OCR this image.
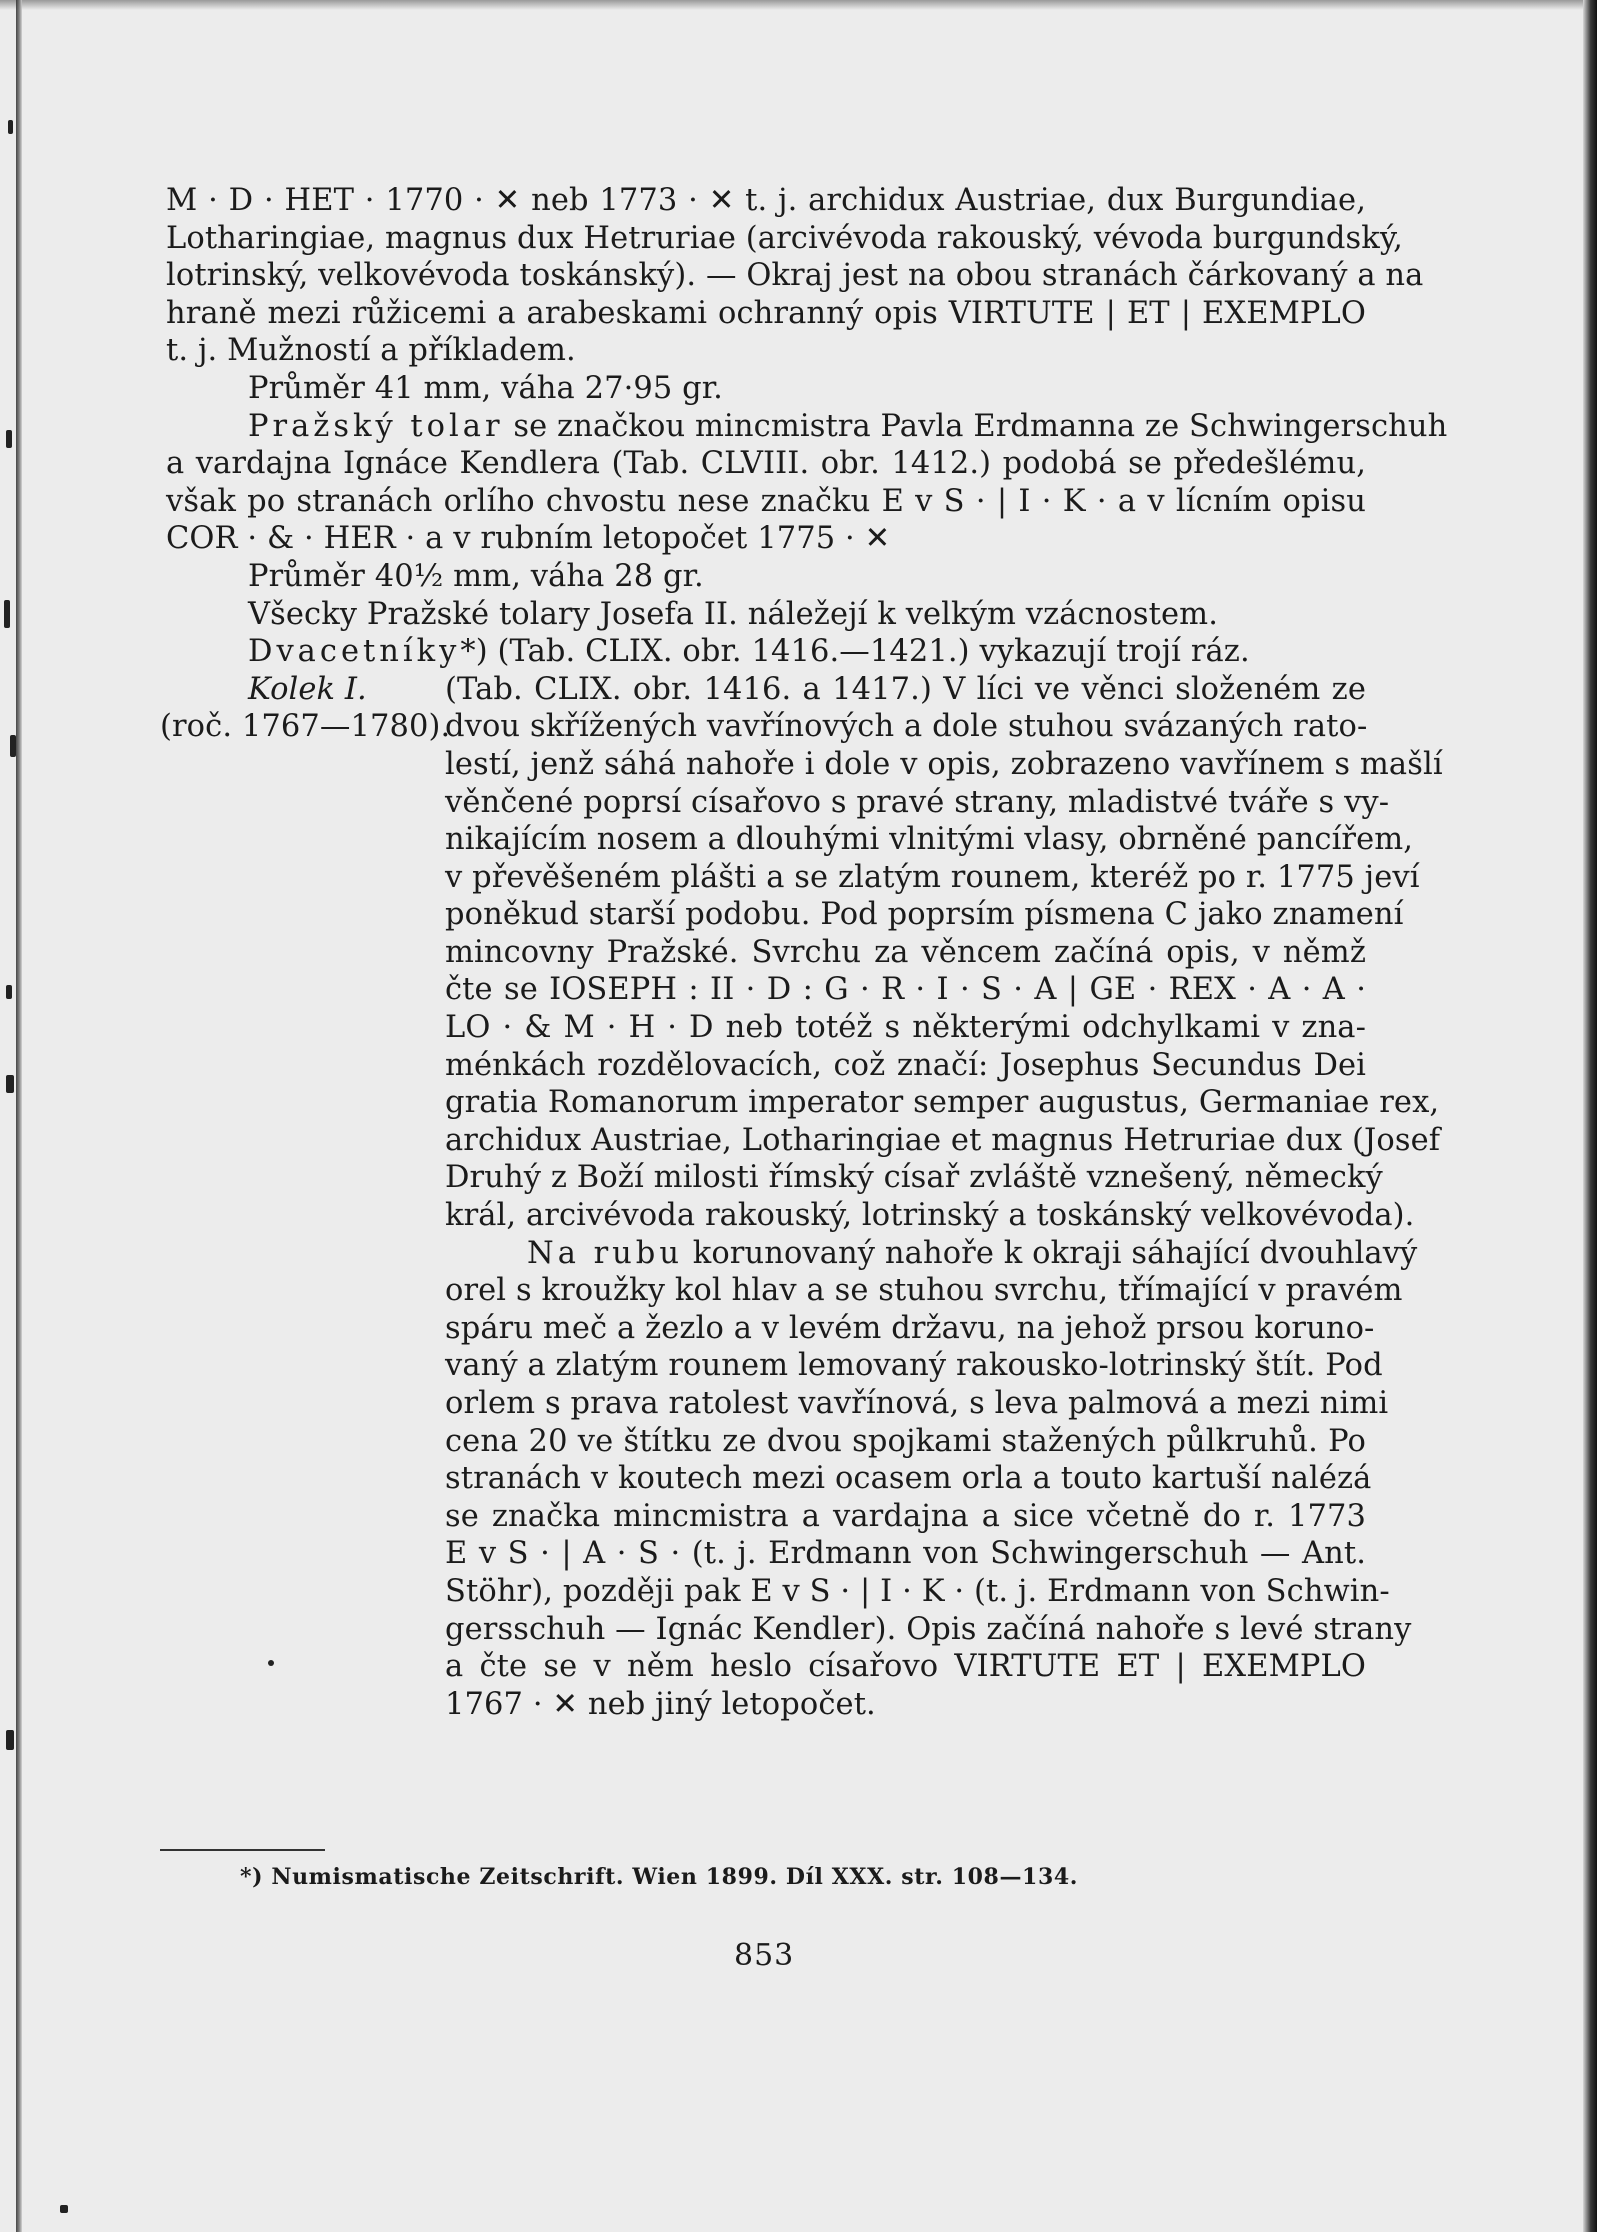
M · D · HET · 1770 · ✕ neb 1773 · ✕ t. j. archidux Austriae, dux Burgundiae,
Lotharingiae, magnus dux Hetruriae (arcivévoda rakouský, vévoda burgundský,
lotrinský, velkovévoda toskánský). — Okraj jest na obou stranách čárkovaný a na
hraně mezi růžicemi a arabeskami ochranný opis VIRTUTE | ET | EXEMPLO
t. j. Mužností a příkladem.
Průměr 41 mm, váha 27·95 gr.
Pražský tolar se značkou mincmistra Pavla Erdmanna ze Schwingerschuh
a vardajna Ignáce Kendlera (Tab. CLVIII. obr. 1412.) podobá se předešlému,
však po stranách orlího chvostu nese značku E v S · | I · K · a v lícním opisu
COR · & · HER · a v rubním letopočet 1775 · ✕
Průměr 40½ mm, váha 28 gr.
Všecky Pražské tolary Josefa II. náležejí k velkým vzácnostem.
Dvacetníky*) (Tab. CLIX. obr. 1416.—1421.) vykazují trojí ráz.
Kolek I.	(Tab. CLIX. obr. 1416. a 1417.) V líci ve věnci složeném ze
(roč. 1767—1780).
dvou skřížených vavřínových a dole stuhou svázaných rato-
lestí, jenž sáhá nahoře i dole v opis, zobrazeno vavřínem s mašlí
věnčené poprsí císařovo s pravé strany, mladistvé tváře s vy-
nikajícím nosem a dlouhými vlnitými vlasy, obrněné pancířem,
v převěšeném plášti a se zlatým rounem, kteréž po r. 1775 jeví
poněkud starší podobu. Pod poprsím písmena C jako znamení
mincovny Pražské. Svrchu za věncem začíná opis, v němž
čte se IOSEPH : II · D : G · R · I · S · A | GE · REX · A · A ·
LO · & M · H · D neb totéž s některými odchylkami v zna-
ménkách rozdělovacích, což značí: Josephus Secundus Dei
gratia Romanorum imperator semper augustus, Germaniae rex,
archidux Austriae, Lotharingiae et magnus Hetruriae dux (Josef
Druhý z Boží milosti římský císař zvláště vznešený, německý
král, arcivévoda rakouský, lotrinský a toskánský velkovévoda).
Na rubu korunovaný nahoře k okraji sáhající dvouhlavý
orel s kroužky kol hlav a se stuhou svrchu, třímající v pravém
spáru meč a žezlo a v levém državu, na jehož prsou koruno-
vaný a zlatým rounem lemovaný rakousko-lotrinský štít. Pod
orlem s prava ratolest vavřínová, s leva palmová a mezi nimi
cena 20 ve štítku ze dvou spojkami stažených půlkruhů. Po
stranách v koutech mezi ocasem orla a touto kartuší nalézá
se značka mincmistra a vardajna a sice včetně do r. 1773
E v S · | A · S · (t. j. Erdmann von Schwingerschuh — Ant.
Stöhr), později pak E v S · | I · K · (t. j. Erdmann von Schwin-
gersschuh — Ignác Kendler). Opis začíná nahoře s levé strany
a čte se v něm heslo císařovo VIRTUTE ET | EXEMPLO
1767 · ✕ neb jiný letopočet.
*) Numismatische Zeitschrift. Wien 1899. Díl XXX. str. 108—134.
853
